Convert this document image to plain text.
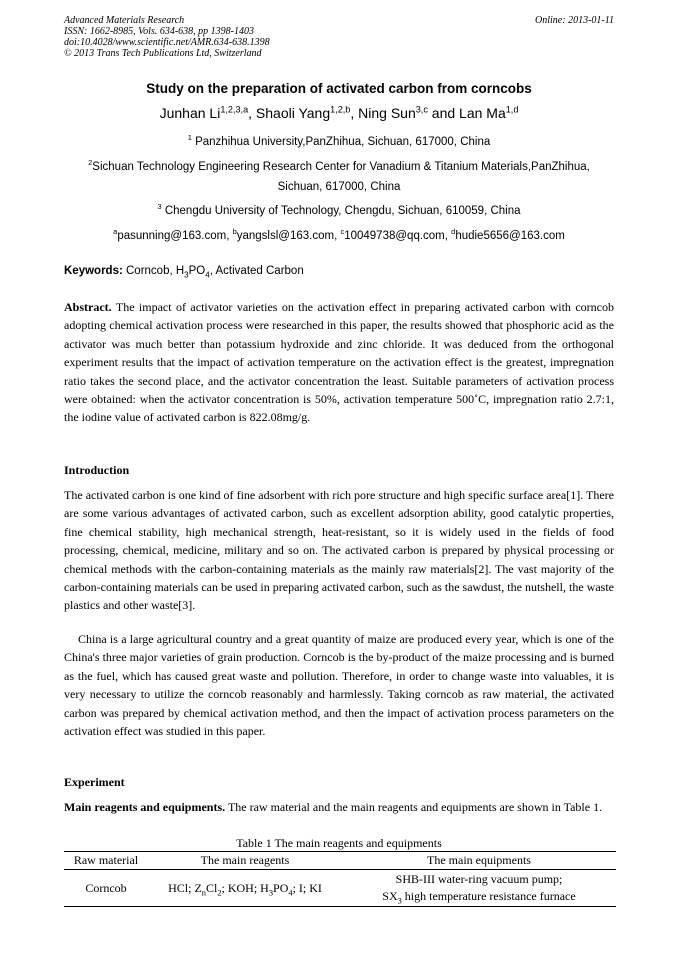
Advanced Materials Research
ISSN: 1662-8985, Vols. 634-638, pp 1398-1403
doi:10.4028/www.scientific.net/AMR.634-638.1398
© 2013 Trans Tech Publications Ltd, Switzerland
Online: 2013-01-11
Study on the preparation of activated carbon from corncobs
Junhan Li$^{1,2,3,a}$, Shaoli Yang$^{1,2,b}$, Ning Sun$^{3,c}$ and Lan Ma$^{1,d}$
$^1$ Panzhihua University,PanZhihua, Sichuan, 617000, China
$^2$Sichuan Technology Engineering Research Center for Vanadium & Titanium Materials,PanZhihua,
Sichuan, 617000, China
$^3$ Chengdu University of Technology, Chengdu, Sichuan, 610059, China
$^a$pasunning@163.com, $^b$yangslsl@163.com, $^c$10049738@qq.com, $^d$hudie5656@163.com
Keywords: Corncob, $H_3PO_4$, Activated Carbon
Abstract. The impact of activator varieties on the activation effect in preparing activated carbon with corncob adopting chemical activation process were researched in this paper, the results showed that phosphoric acid as the activator was much better than potassium hydroxide and zinc chloride. It was deduced from the orthogonal experiment results that the impact of activation temperature on the activation effect is the greatest, impregnation ratio takes the second place, and the activator concentration the least. Suitable parameters of activation process were obtained: when the activator concentration is 50%, activation temperature 500˚C, impregnation ratio 2.7:1, the iodine value of activated carbon is 822.08mg/g.
Introduction
The activated carbon is one kind of fine adsorbent with rich pore structure and high specific surface area[1]. There are some various advantages of activated carbon, such as excellent adsorption ability, good catalytic properties, fine chemical stability, high mechanical strength, heat-resistant, so it is widely used in the fields of food processing, chemical, medicine, military and so on. The activated carbon is prepared by physical processing or chemical methods with the carbon-containing materials as the mainly raw materials[2]. The vast majority of the carbon-containing materials can be used in preparing activated carbon, such as the sawdust, the nutshell, the waste plastics and other waste[3].
China is a large agricultural country and a great quantity of maize are produced every year, which is one of the China's three major varieties of grain production. Corncob is the by-product of the maize processing and is burned as the fuel, which has caused great waste and pollution. Therefore, in order to change waste into valuables, it is very necessary to utilize the corncob reasonably and harmlessly. Taking corncob as raw material, the activated carbon was prepared by chemical activation method, and then the impact of activation process parameters on the activation effect was studied in this paper.
Experiment
Main reagents and equipments. The raw material and the main reagents and equipments are shown in Table 1.
Table 1 The main reagents and equipments
Raw material	The main reagents	The main equipments
Corncob	HCl; $Z_nCl_2$; KOH; $H_3PO_4$; I; KI	SHB-III water-ring vacuum pump;
$SX_3$ high temperature resistance furnace
